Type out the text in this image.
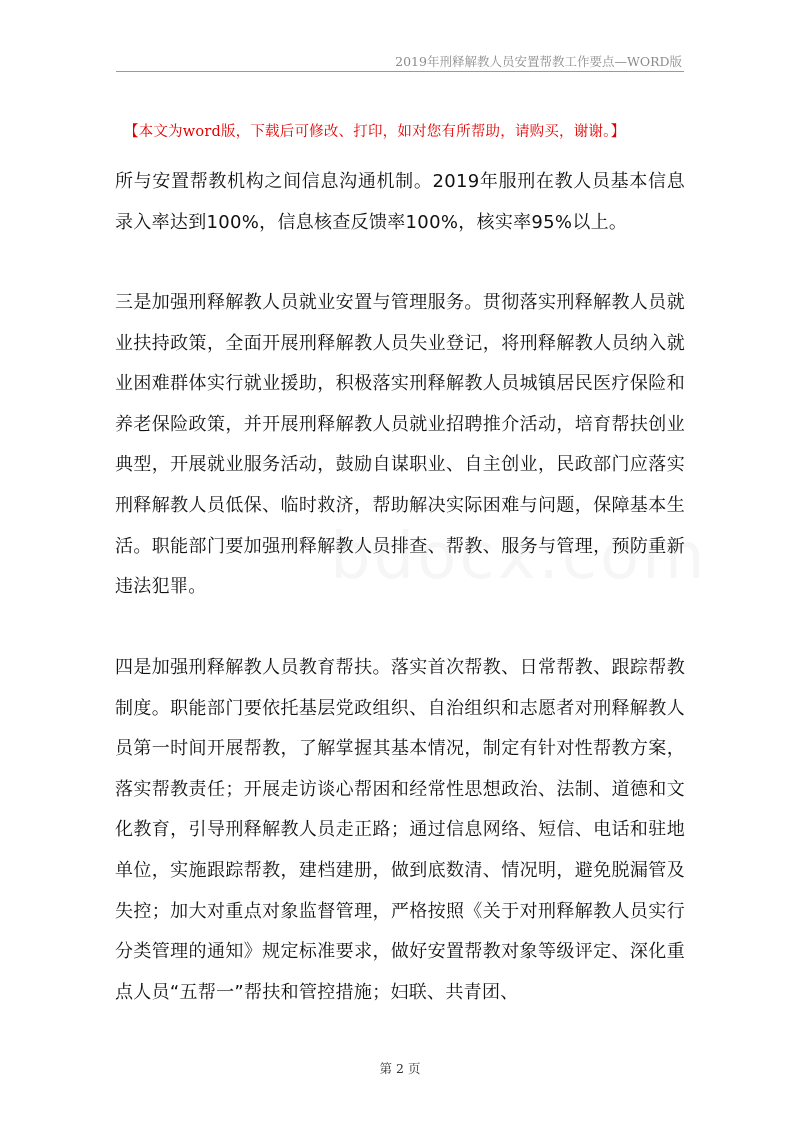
2019年刑释解教人员安置帮教工作要点—WORD版
【本文为word版，下载后可修改、打印，如对您有所帮助，请购买，谢谢。】
所与安置帮教机构之间信息沟通机制。2019年服刑在教人员基本信息录入率达到100%，信息核查反馈率100%，核实率95%以上。
三是加强刑释解教人员就业安置与管理服务。贯彻落实刑释解教人员就业扶持政策，全面开展刑释解教人员失业登记，将刑释解教人员纳入就业困难群体实行就业援助，积极落实刑释解教人员城镇居民医疗保险和养老保险政策，并开展刑释解教人员就业招聘推介活动，培育帮扶创业典型，开展就业服务活动，鼓励自谋职业、自主创业，民政部门应落实刑释解教人员低保、临时救济，帮助解决实际困难与问题，保障基本生活。职能部门要加强刑释解教人员排查、帮教、服务与管理，预防重新违法犯罪。
四是加强刑释解教人员教育帮扶。落实首次帮教、日常帮教、跟踪帮教制度。职能部门要依托基层党政组织、自治组织和志愿者对刑释解教人员第一时间开展帮教，了解掌握其基本情况，制定有针对性帮教方案，落实帮教责任；开展走访谈心帮困和经常性思想政治、法制、道德和文化教育，引导刑释解教人员走正路；通过信息网络、短信、电话和驻地单位，实施跟踪帮教，建档建册，做到底数清、情况明，避免脱漏管及失控；加大对重点对象监督管理，严格按照《关于对刑释解教人员实行分类管理的通知》规定标准要求，做好安置帮教对象等级评定、深化重点人员“五帮一”帮扶和管控措施；妇联、共青团、
第 2 页
